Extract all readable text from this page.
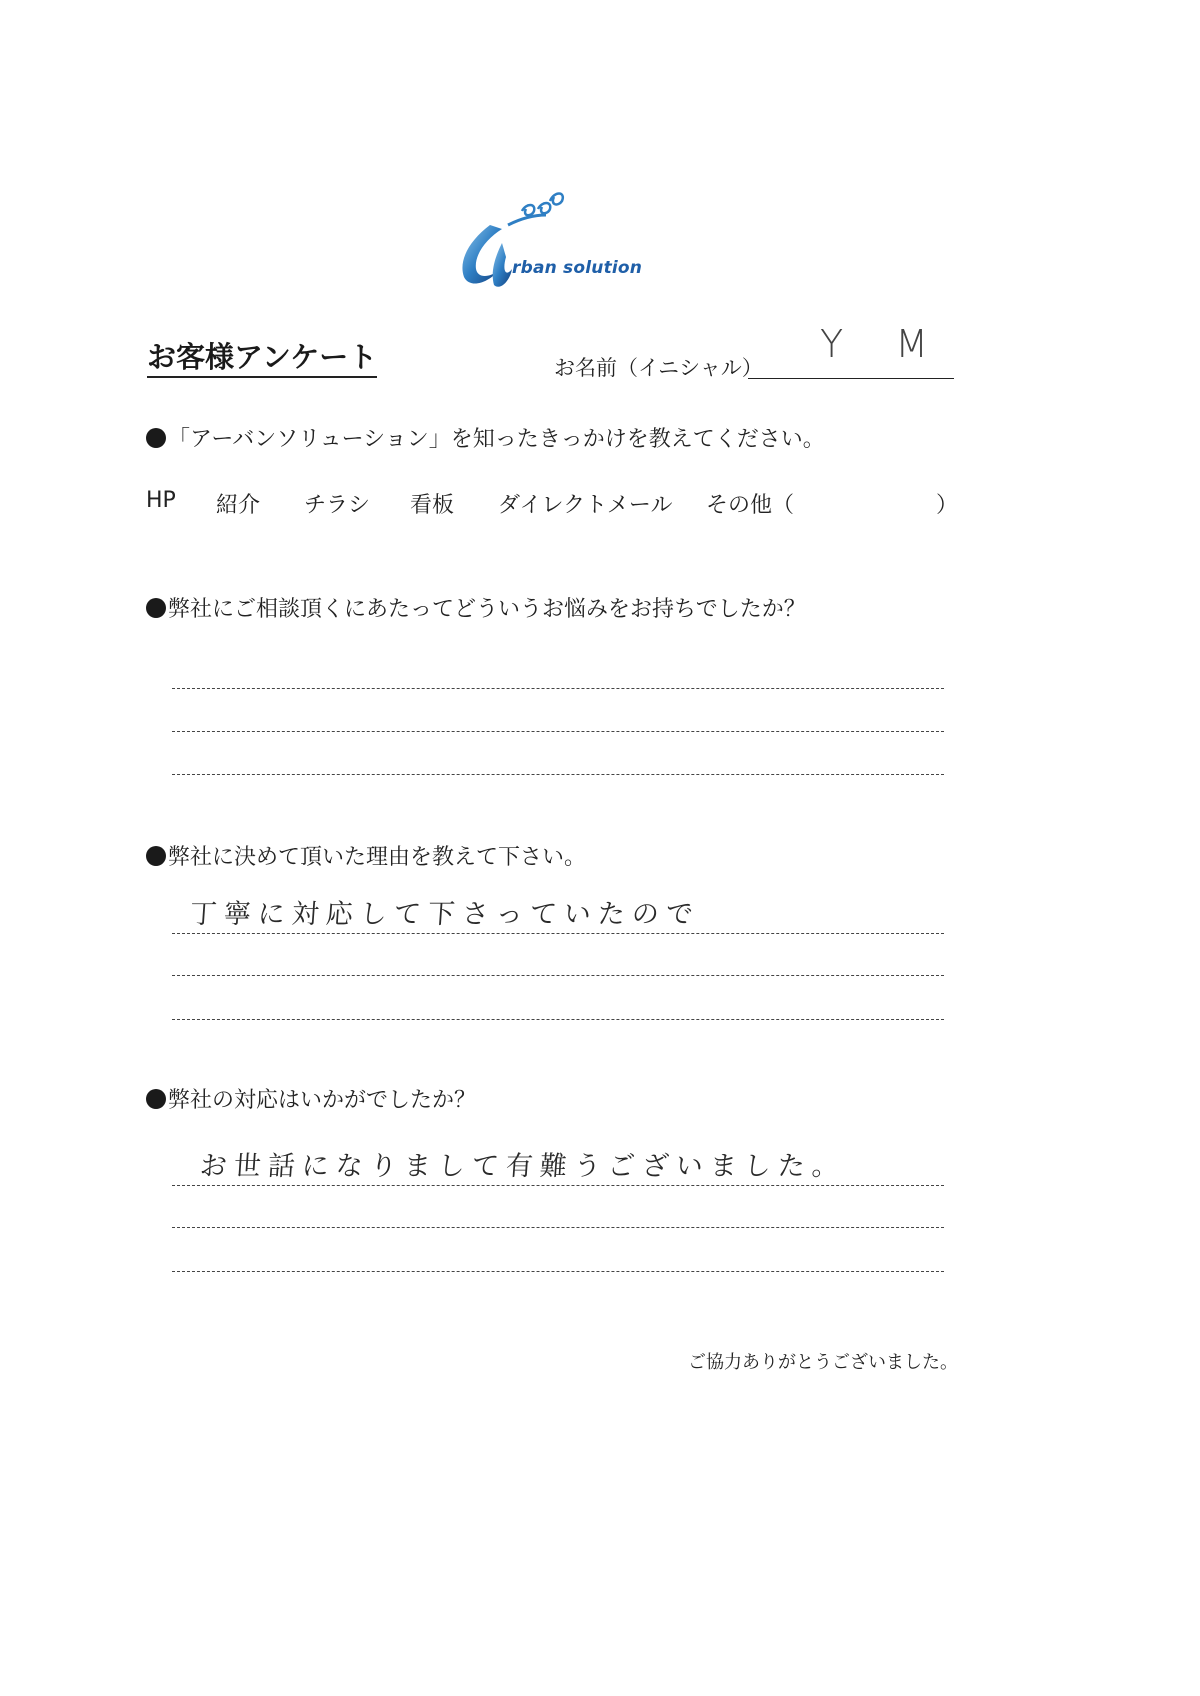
rban solution
お客様アンケート	お名前（イニシャル）
Y M
「アーバンソリューション」を知ったきっかけを教えてください。
HP 紹介 チラシ 看板 ダイレクトメール その他（	）
弊社にご相談頂くにあたってどういうお悩みをお持ちでしたか？
弊社に決めて頂いた理由を教えて下さい。
丁寧に対応して下さっていたので
弊社の対応はいかがでしたか？
お世話になりまして有難うございました。
ご協力ありがとうございました。
